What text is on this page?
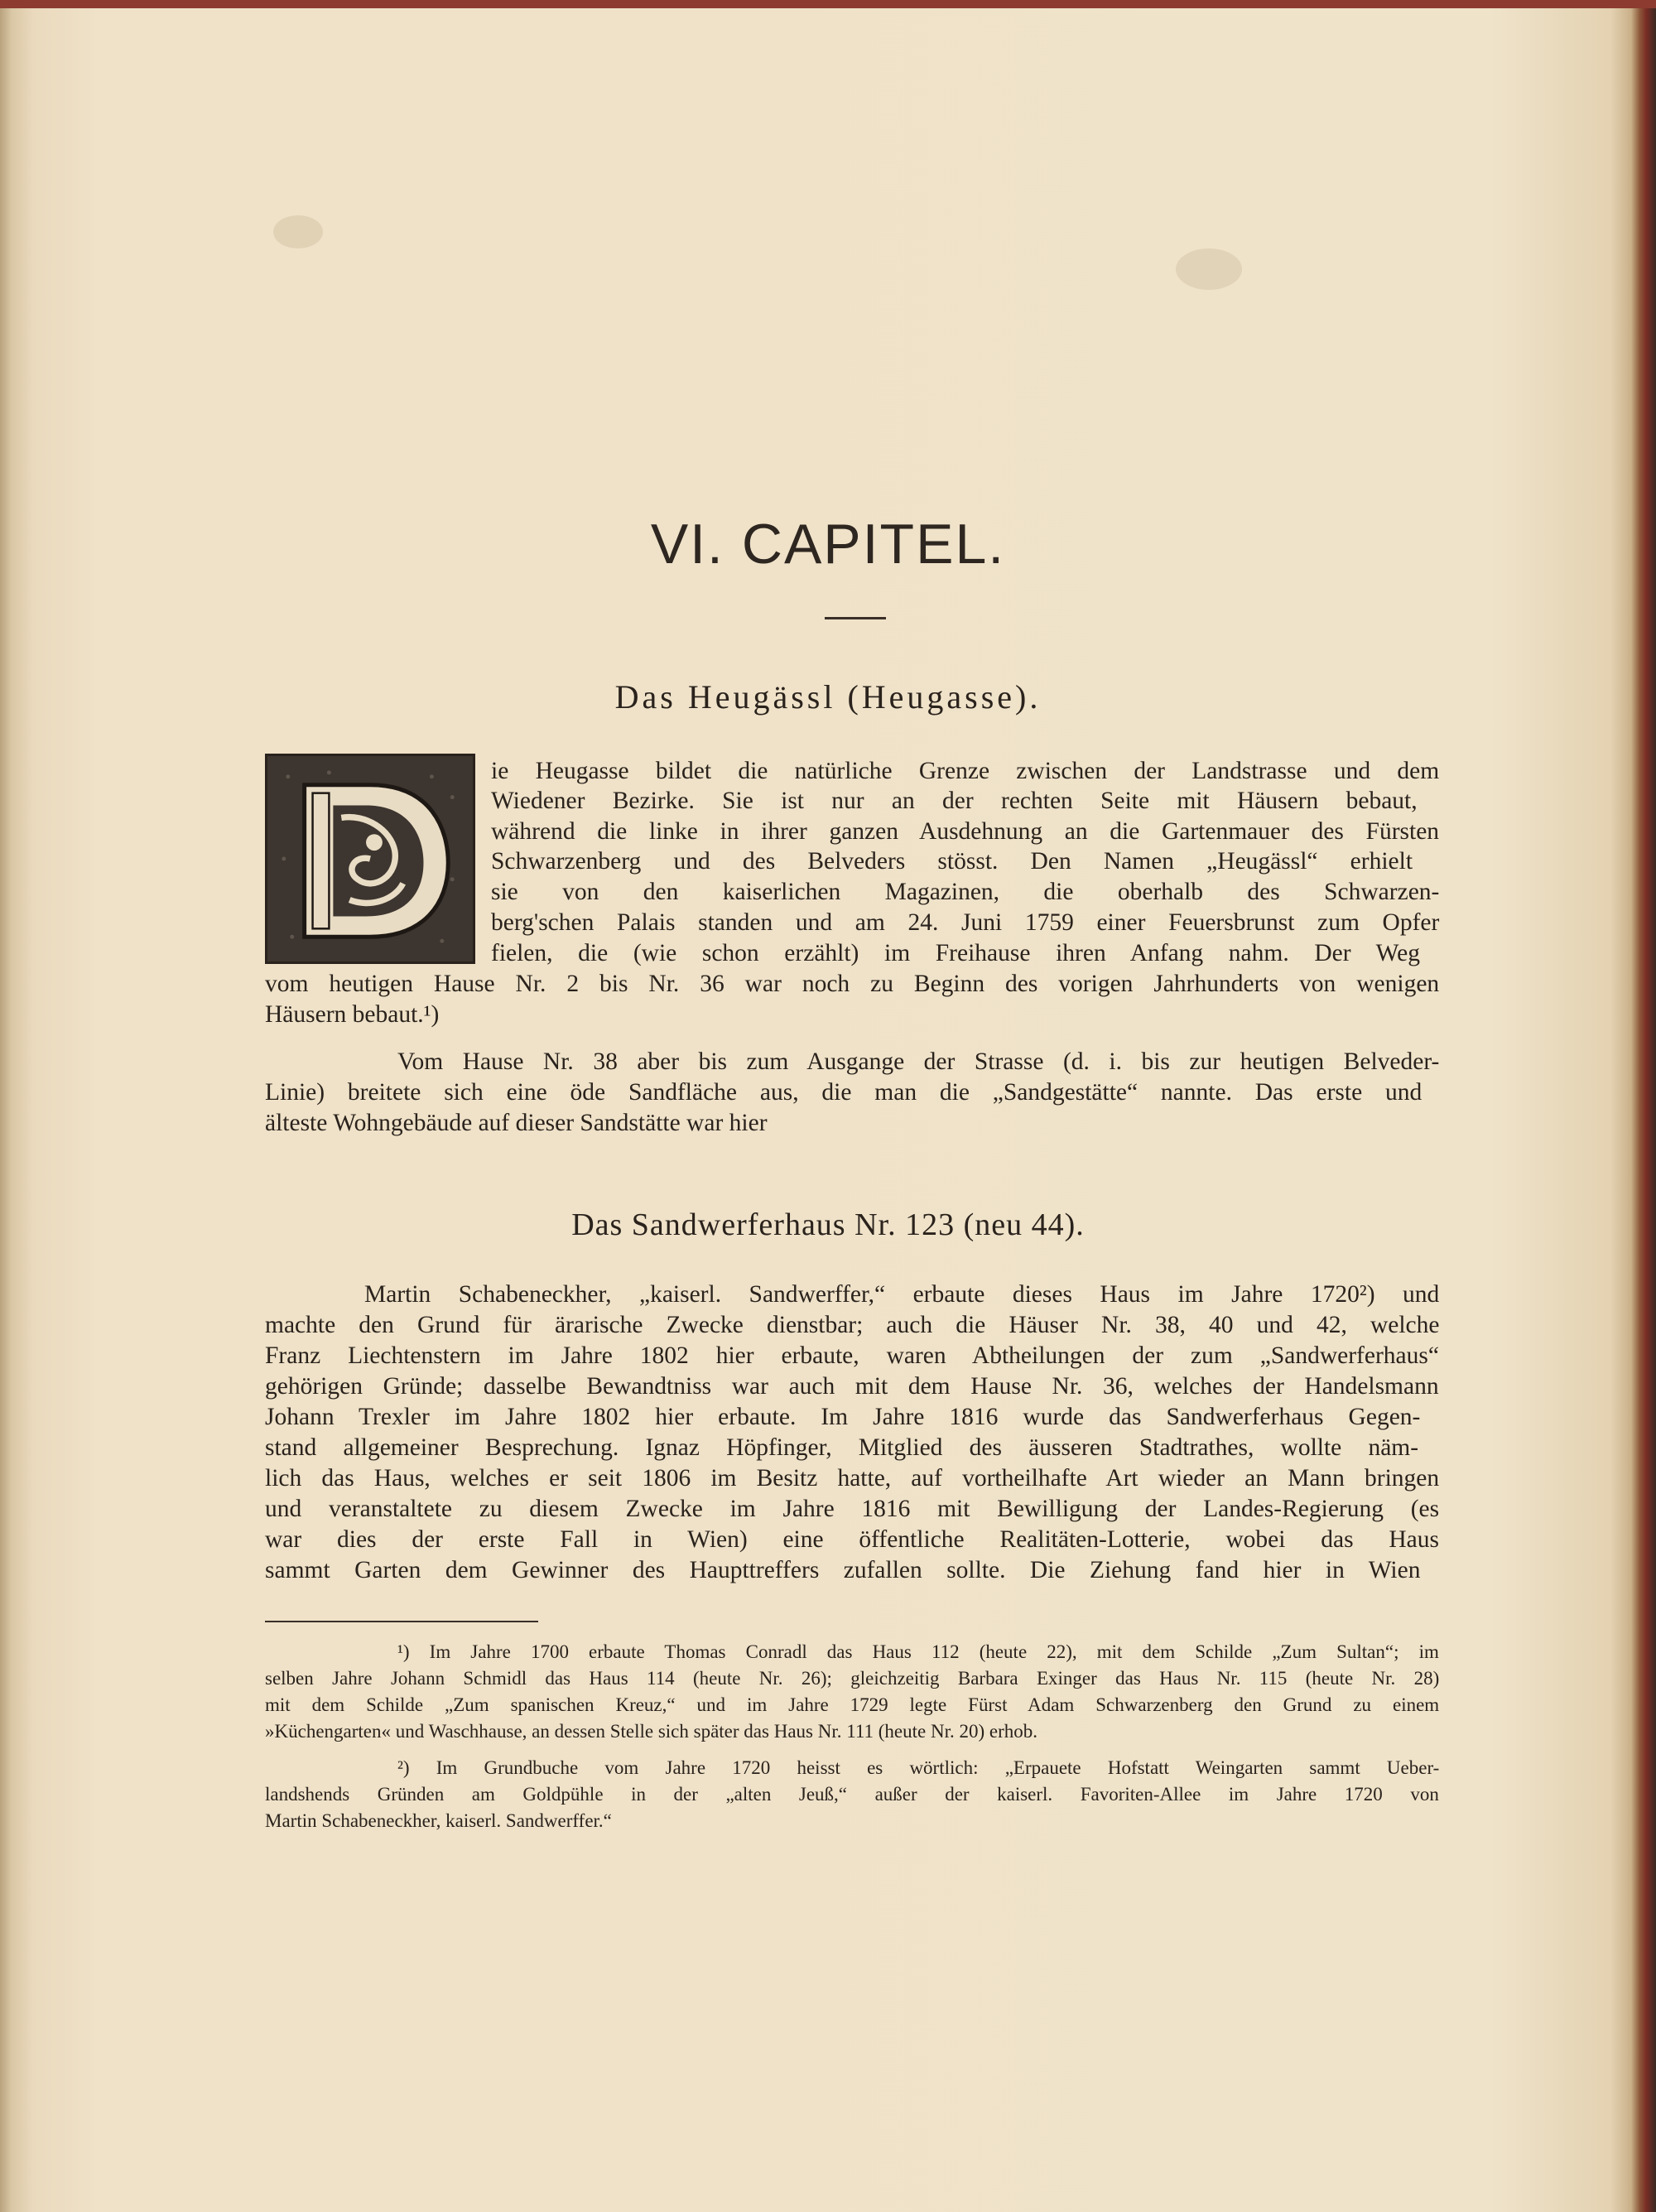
VI. CAPITEL.
Das Heugässl (Heugasse).
ie Heugasse bildet die natürliche Grenze zwischen der Landstrasse und dem
Wiedener Bezirke. Sie ist nur an der rechten Seite mit Häusern bebaut,
während die linke in ihrer ganzen Ausdehnung an die Gartenmauer des Fürsten
Schwarzenberg und des Belveders stösst. Den Namen „Heugässl“ erhielt
sie von den kaiserlichen Magazinen, die oberhalb des Schwarzen-
berg'schen Palais standen und am 24. Juni 1759 einer Feuersbrunst zum Opfer
fielen, die (wie schon erzählt) im Freihause ihren Anfang nahm. Der Weg
vom heutigen Hause Nr. 2 bis Nr. 36 war noch zu Beginn des vorigen Jahrhunderts von wenigen
Häusern bebaut.¹)
Vom Hause Nr. 38 aber bis zum Ausgange der Strasse (d. i. bis zur heutigen Belveder-
Linie) breitete sich eine öde Sandfläche aus, die man die „Sandgestätte“ nannte. Das erste und
älteste Wohngebäude auf dieser Sandstätte war hier
Das Sandwerferhaus Nr. 123 (neu 44).
Martin Schabeneckher, „kaiserl. Sandwerffer,“ erbaute dieses Haus im Jahre 1720²) und
machte den Grund für ärarische Zwecke dienstbar; auch die Häuser Nr. 38, 40 und 42, welche
Franz Liechtenstern im Jahre 1802 hier erbaute, waren Abtheilungen der zum „Sandwerferhaus“
gehörigen Gründe; dasselbe Bewandtniss war auch mit dem Hause Nr. 36, welches der Handelsmann
Johann Trexler im Jahre 1802 hier erbaute. Im Jahre 1816 wurde das Sandwerferhaus Gegen-
stand allgemeiner Besprechung. Ignaz Höpfinger, Mitglied des äusseren Stadtrathes, wollte näm-
lich das Haus, welches er seit 1806 im Besitz hatte, auf vortheilhafte Art wieder an Mann bringen
und veranstaltete zu diesem Zwecke im Jahre 1816 mit Bewilligung der Landes-Regierung (es
war dies der erste Fall in Wien) eine öffentliche Realitäten-Lotterie, wobei das Haus
sammt Garten dem Gewinner des Haupttreffers zufallen sollte. Die Ziehung fand hier in Wien
¹) Im Jahre 1700 erbaute Thomas Conradl das Haus 112 (heute 22), mit dem Schilde „Zum Sultan“; im
selben Jahre Johann Schmidl das Haus 114 (heute Nr. 26); gleichzeitig Barbara Exinger das Haus Nr. 115 (heute Nr. 28)
mit dem Schilde „Zum spanischen Kreuz,“ und im Jahre 1729 legte Fürst Adam Schwarzenberg den Grund zu einem
»Küchengarten« und Waschhause, an dessen Stelle sich später das Haus Nr. 111 (heute Nr. 20) erhob.
²) Im Grundbuche vom Jahre 1720 heisst es wörtlich: „Erpauete Hofstatt Weingarten sammt Ueber-
landshends Gründen am Goldpühle in der „alten Jeuß,“ außer der kaiserl. Favoriten-Allee im Jahre 1720 von
Martin Schabeneckher, kaiserl. Sandwerffer.“
